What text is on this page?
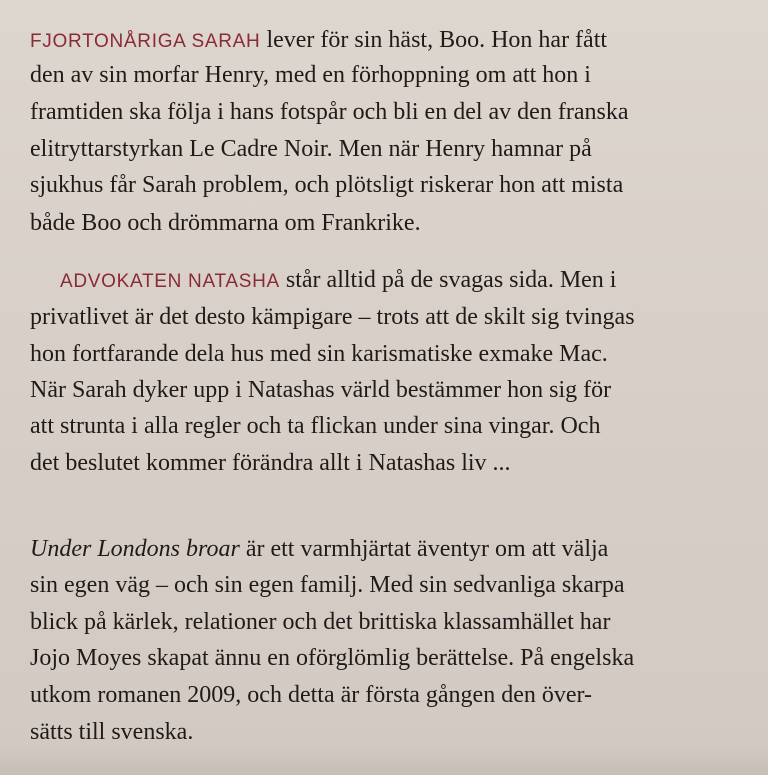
FJORTONÅRIGA SARAH lever för sin häst, Boo. Hon har fått
den av sin morfar Henry, med en förhoppning om att hon i
framtiden ska följa i hans fotspår och bli en del av den franska
elitryttarstyrkan Le Cadre Noir. Men när Henry hamnar på
sjukhus får Sarah problem, och plötsligt riskerar hon att mista
både Boo och drömmarna om Frankrike.
ADVOKATEN NATASHA står alltid på de svagas sida. Men i
privatlivet är det desto kämpigare – trots att de skilt sig tvingas
hon fortfarande dela hus med sin karismatiske exmake Mac.
När Sarah dyker upp i Natashas värld bestämmer hon sig för
att strunta i alla regler och ta flickan under sina vingar. Och
det beslutet kommer förändra allt i Natashas liv ...
Under Londons broar är ett varmhjärtat äventyr om att välja
sin egen väg – och sin egen familj. Med sin sedvanliga skarpa
blick på kärlek, relationer och det brittiska klassamhället har
Jojo Moyes skapat ännu en oförglömlig berättelse. På engelska
utkom romanen 2009, och detta är första gången den över-
sätts till svenska.
